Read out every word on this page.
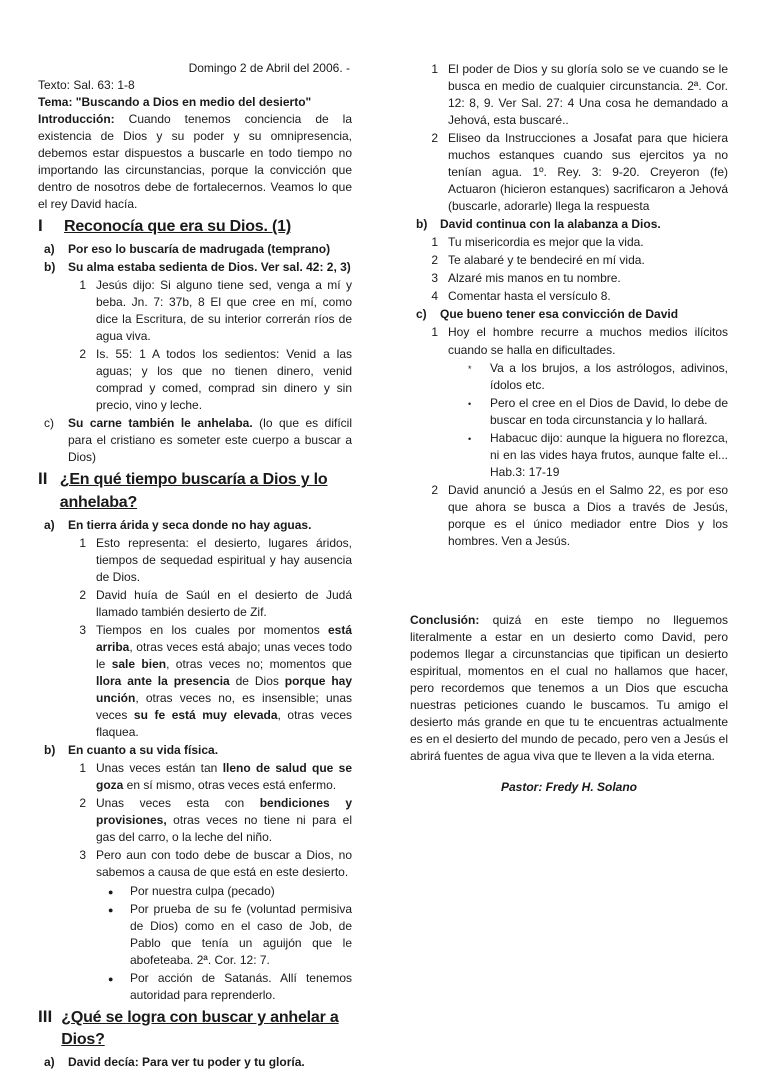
Domingo 2 de Abril del 2006. -

Texto: Sal. 63: 1-8

Tema: "Buscando a Dios en medio del desierto"

Introducción: Cuando tenemos conciencia de la existencia de Dios y su poder y su omnipresencia, debemos estar dispuestos a buscarle en todo tiempo no importando las circunstancias, porque la convicción que dentro de nosotros debe de fortalecernos. Veamos lo que el rey David hacía.

I	Reconocía que era su Dios. (1)
a)	Por eso lo buscaría de madrugada (temprano)
b)	Su alma estaba sedienta de Dios. Ver sal. 42: 2, 3)
1 Jesús dijo: Si alguno tiene sed, venga a mí y beba. Jn. 7: 37b, 8 El que cree en mí, como dice la Escritura, de su interior correrán ríos de agua viva.
2 Is. 55: 1 A todos los sedientos: Venid a las aguas; y los que no tienen dinero, venid comprad y comed, comprad sin dinero y sin precio, vino y leche.
c)	Su carne también le anhelaba. (lo que es difícil para el cristiano es someter este cuerpo a buscar a Dios)
II ¿En qué tiempo buscaría a Dios y lo anhelaba?
a)	En tierra árida y seca donde no hay aguas.
1 Esto representa: el desierto, lugares áridos, tiempos de sequedad espiritual y hay ausencia de Dios.
2 David huía de Saúl en el desierto de Judá llamado también desierto de Zif.
3 Tiempos en los cuales por momentos está arriba, otras veces está abajo; unas veces todo le sale bien, otras veces no; momentos que llora ante la presencia de Dios porque hay unción, otras veces no, es insensible; unas veces su fe está muy elevada, otras veces flaquea.
b)	En cuanto a su vida física.
1 Unas veces están tan lleno de salud que se goza en sí mismo, otras veces está enfermo.
2 Unas veces esta con bendiciones y provisiones, otras veces no tiene ni para el gas del carro, o la leche del niño.
3 Pero aun con todo debe de buscar a Dios, no sabemos a causa de que está en este desierto.
●	Por nuestra culpa (pecado)
●	Por prueba de su fe (voluntad permisiva de Dios) como en el caso de Job, de Pablo que tenía un aguijón que le abofeteaba. 2ª. Cor. 12: 7.
●	Por acción de Satanás. Allí tenemos autoridad para reprenderlo.
III ¿Qué se logra con buscar y anhelar a Dios?
a)	David decía: Para ver tu poder y tu gloría.
1 El poder de Dios y su gloría solo se ve cuando se le busca en medio de cualquier circunstancia. 2ª. Cor. 12: 8, 9. Ver Sal. 27: 4 Una cosa he demandado a Jehová, esta buscaré..
2 Eliseo da Instrucciones a Josafat para que hiciera muchos estanques cuando sus ejercitos ya no tenían agua. 1º. Rey. 3: 9-20. Creyeron (fe) Actuaron (hicieron estanques) sacrificaron a Jehová (buscarle, adorarle) llega la respuesta
b)	David continua con la alabanza a Dios.
1 Tu misericordia es mejor que la vida.
2 Te alabaré y te bendeciré en mí vida.
3 Alzaré mis manos en tu nombre.
4 Comentar hasta el versículo 8.
c)	Que bueno tener esa convicción de David
1 Hoy el hombre recurre a muchos medios ilícitos cuando se halla en dificultades.
*	Va a los brujos, a los astrólogos, adivinos, ídolos etc.
•	Pero el cree en el Dios de David, lo debe de buscar en toda circunstancia y lo hallará.
•	Habacuc dijo: aunque la higuera no florezca, ni en las vides haya frutos, aunque falte el... Hab.3: 17-19
2 David anunció a Jesús en el Salmo 22, es por eso que ahora se busca a Dios a través de Jesús, porque es el único mediador entre Dios y los hombres. Ven a Jesús.

Conclusión: quizá en este tiempo no lleguemos literalmente a estar en un desierto como David, pero podemos llegar a circunstancias que tipifican un desierto espiritual, momentos en el cual no hallamos que hacer, pero recordemos que tenemos a un Dios que escucha nuestras peticiones cuando le buscamos. Tu amigo el desierto más grande en que tu te encuentras actualmente es en el desierto del mundo de pecado, pero ven a Jesús el abrirá fuentes de agua viva que te lleven a la vida eterna.

Pastor: Fredy H. Solano
